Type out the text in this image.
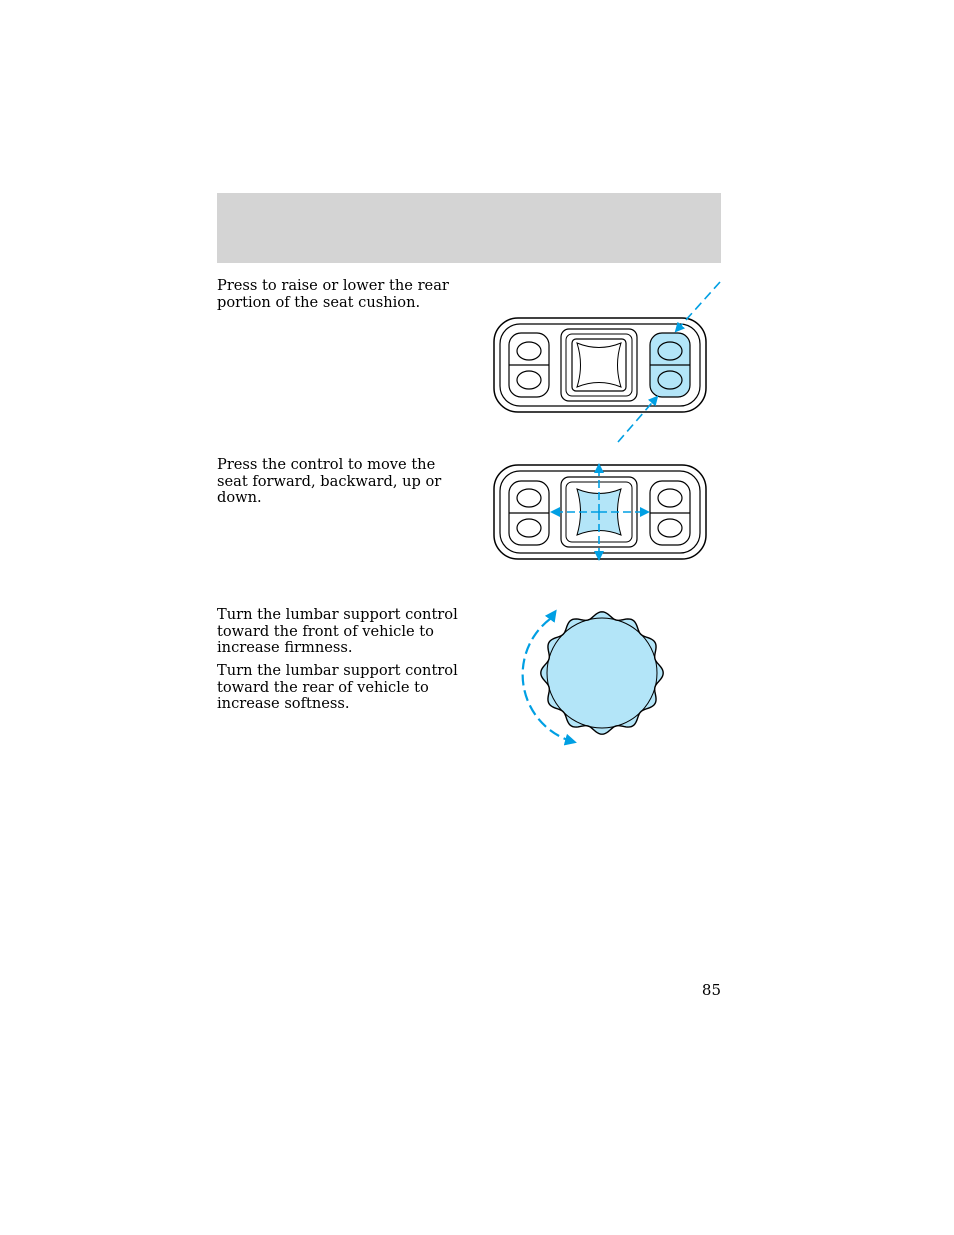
Press to raise or lower the rear portion of the seat cushion.

Press the control to move the seat forward, backward, up or down.

Turn the lumbar support control toward the front of vehicle to increase firmness.

Turn the lumbar support control toward the rear of vehicle to increase softness.

85
